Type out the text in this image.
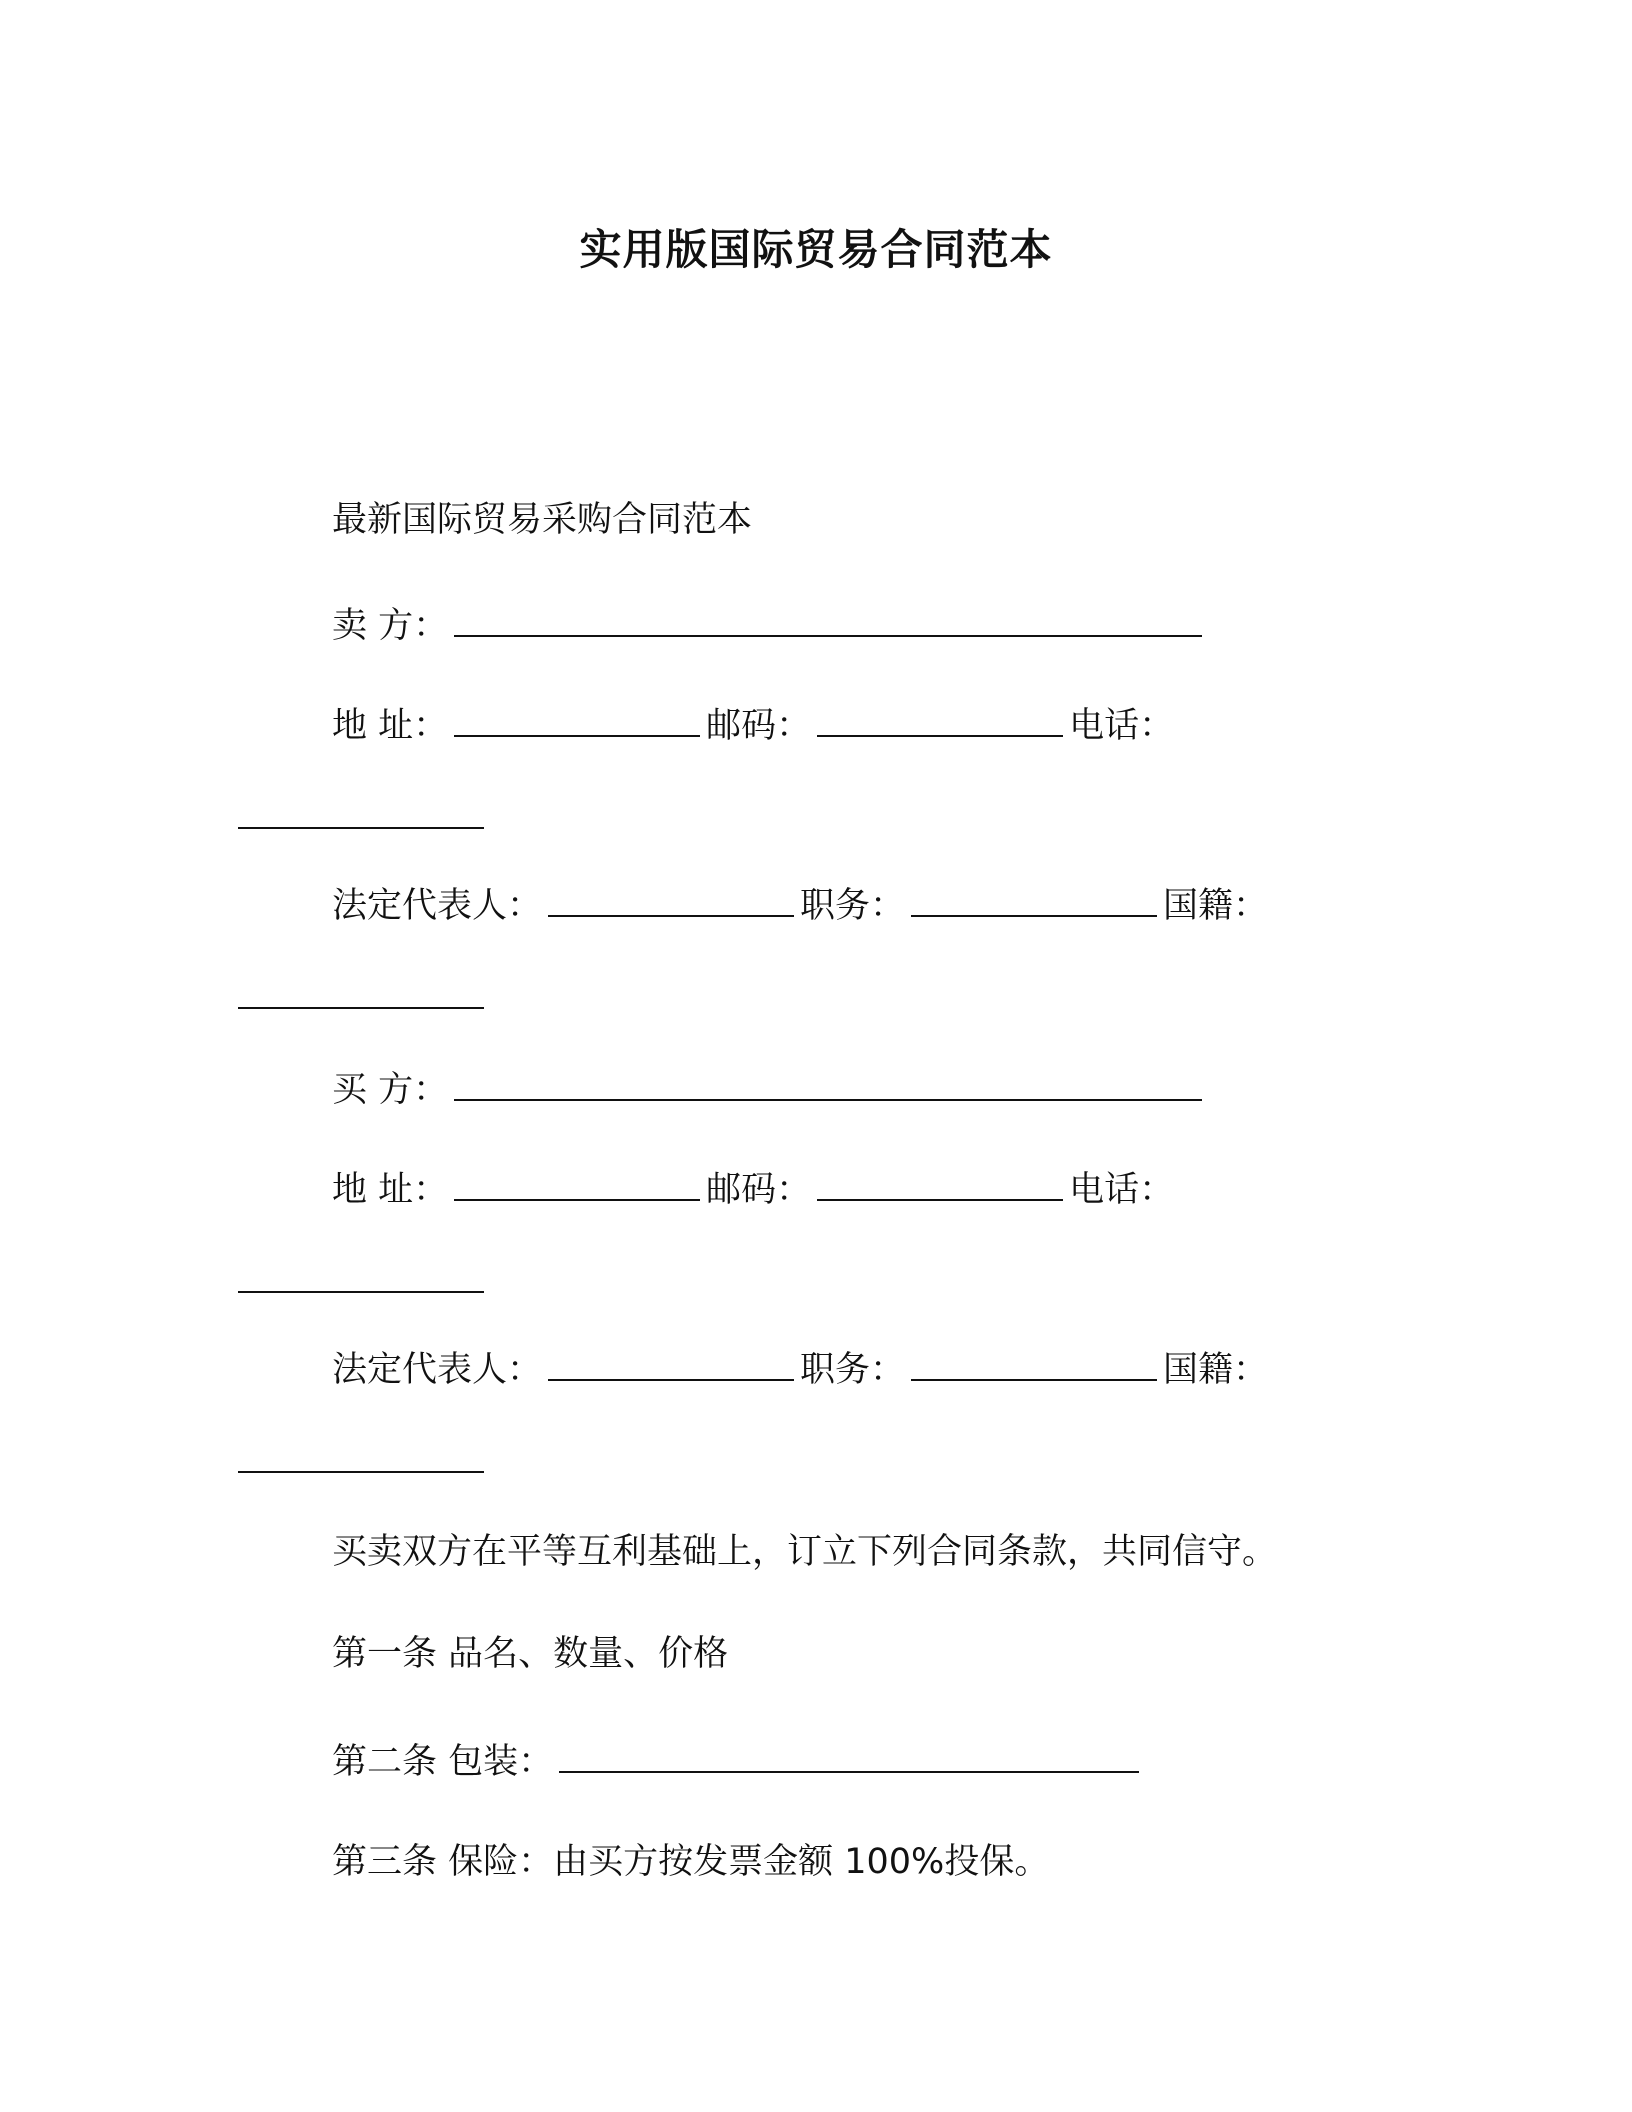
实用版国际贸易合同范本
最新国际贸易采购合同范本
卖 方：
地 址：	邮码：	电话：
法定代表人：	职务：	国籍：
买 方：
地 址：	邮码：	电话：
法定代表人：	职务：	国籍：
买卖双方在平等互利基础上，订立下列合同条款，共同信守。
第一条 品名、数量、价格
第二条 包装：
第三条 保险：由买方按发票金额 100%投保。
